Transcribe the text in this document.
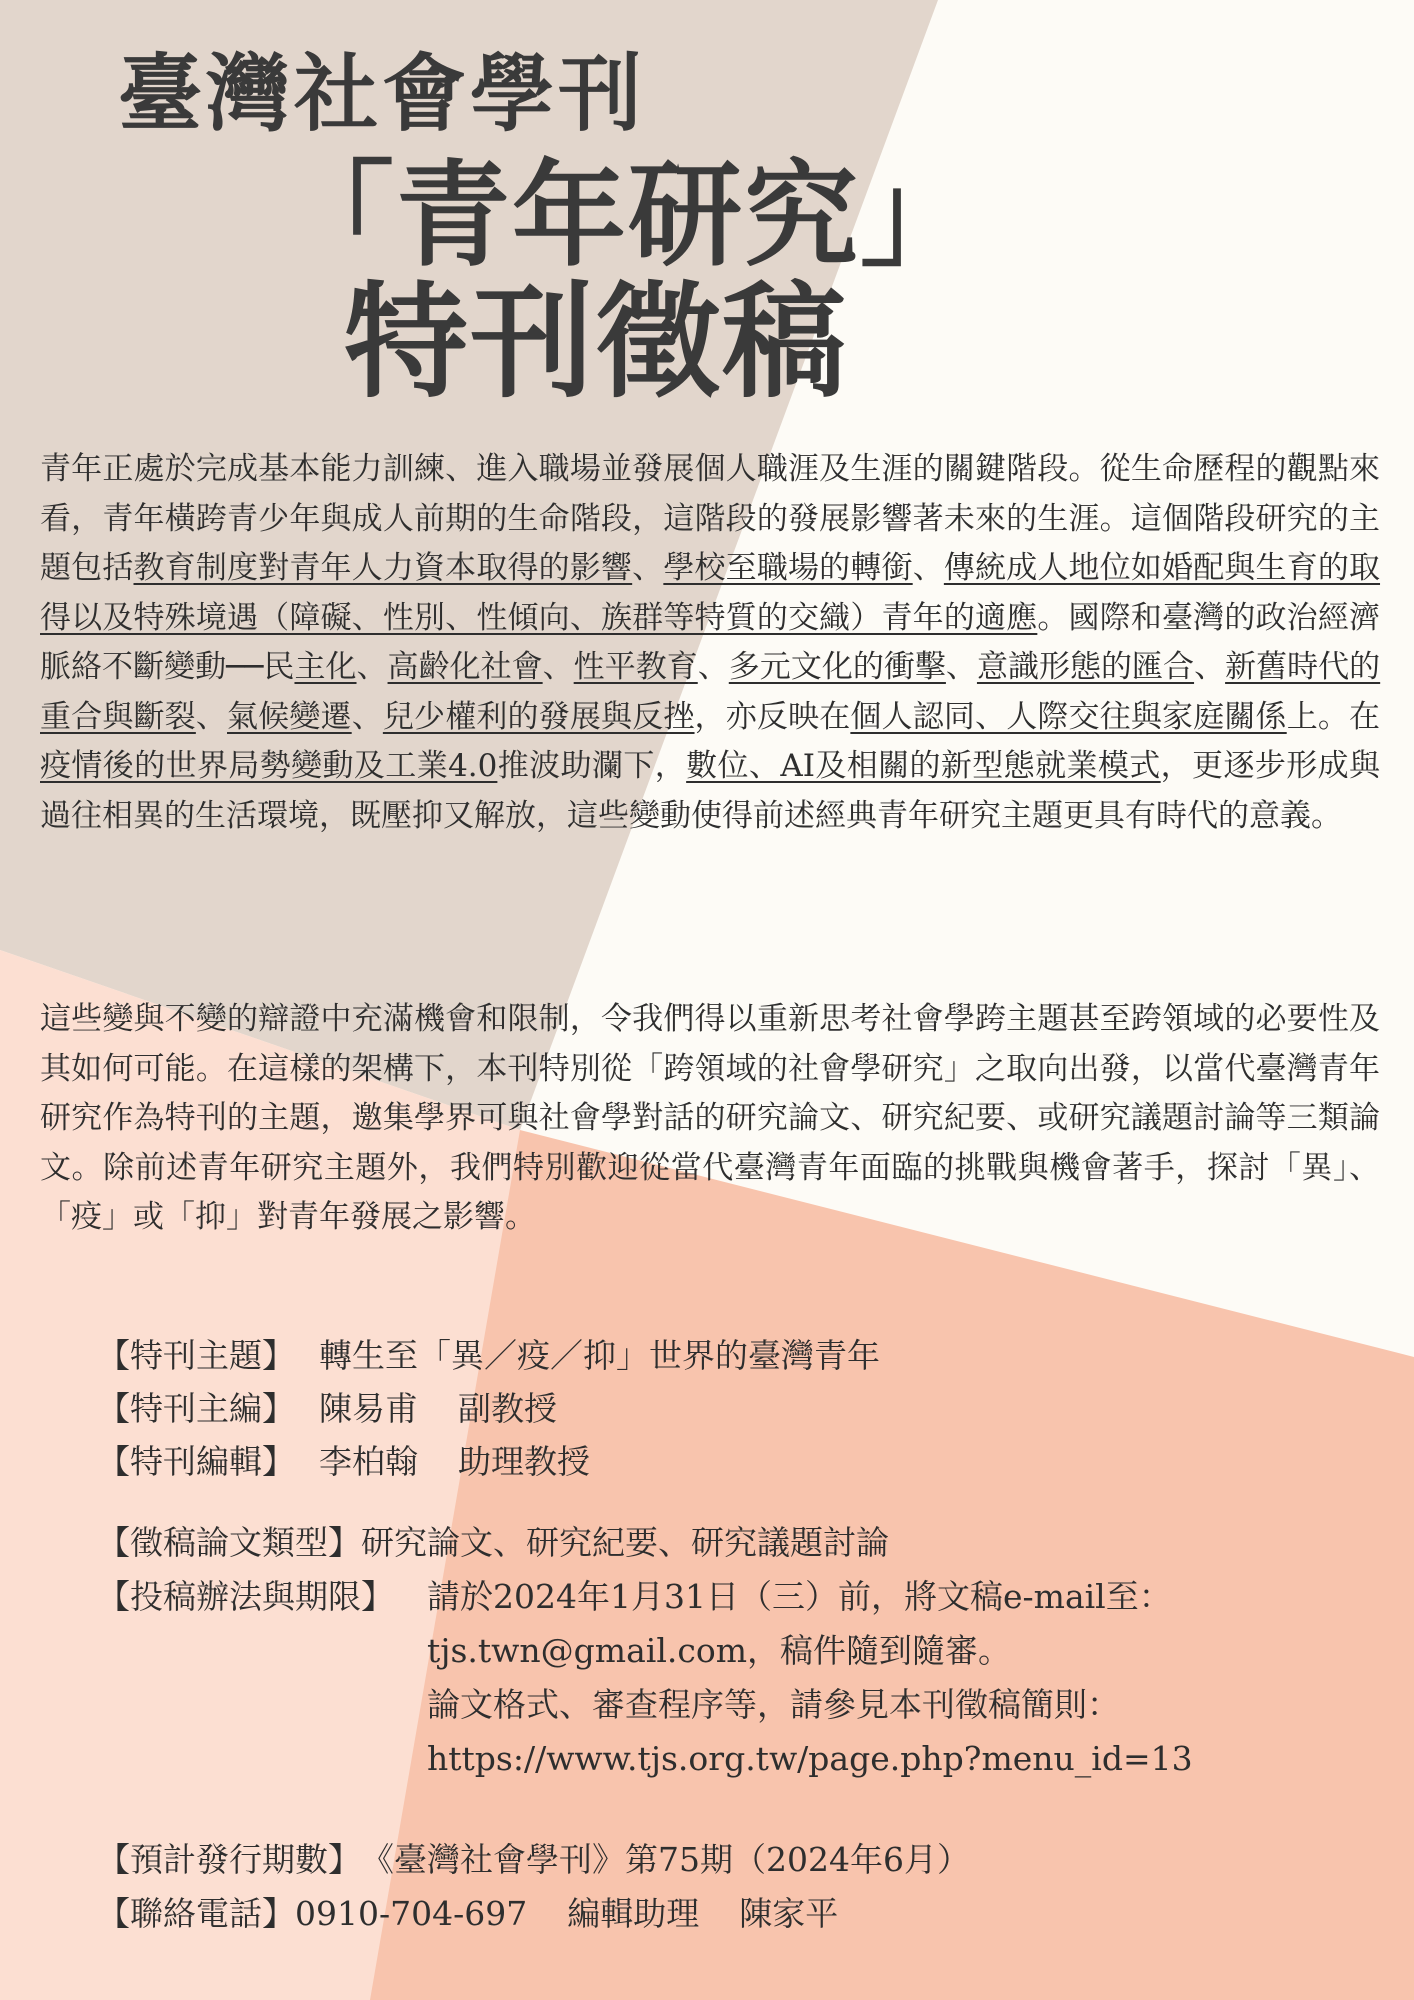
臺灣社會學刊
「青年研究」
特刊徵稿

青年正處於完成基本能力訓練、進入職場並發展個人職涯及生涯的關鍵階段。從生命歷程的觀點來看，青年橫跨青少年與成人前期的生命階段，這階段的發展影響著未來的生涯。這個階段研究的主題包括教育制度對青年人力資本取得的影響、學校至職場的轉銜、傳統成人地位如婚配與生育的取得以及特殊境遇（障礙、性別、性傾向、族群等特質的交織）青年的適應。國際和臺灣的政治經濟脈絡不斷變動──民主化、高齡化社會、性平教育、多元文化的衝擊、意識形態的匯合、新舊時代的重合與斷裂、氣候變遷、兒少權利的發展與反挫，亦反映在個人認同、人際交往與家庭關係上。在疫情後的世界局勢變動及工業4.0推波助瀾下，數位、AI及相關的新型態就業模式，更逐步形成與過往相異的生活環境，既壓抑又解放，這些變動使得前述經典青年研究主題更具有時代的意義。

這些變與不變的辯證中充滿機會和限制，令我們得以重新思考社會學跨主題甚至跨領域的必要性及其如何可能。在這樣的架構下，本刊特別從「跨領域的社會學研究」之取向出發，以當代臺灣青年研究作為特刊的主題，邀集學界可與社會學對話的研究論文、研究紀要、或研究議題討論等三類論文。除前述青年研究主題外，我們特別歡迎從當代臺灣青年面臨的挑戰與機會著手，探討「異」、「疫」或「抑」對青年發展之影響。

【特刊主題】 轉生至「異／疫／抑」世界的臺灣青年
【特刊主編】 陳易甫 副教授
【特刊編輯】 李柏翰 助理教授
【徵稿論文類型】研究論文、研究紀要、研究議題討論
【投稿辦法與期限】	請於2024年1月31日（三）前，將文稿e-mail至：
tjs.twn@gmail.com，稿件隨到隨審。
論文格式、審查程序等，請參見本刊徵稿簡則：
https://www.tjs.org.tw/page.php?menu_id=13
【預計發行期數】《臺灣社會學刊》第75期（2024年6月）
【聯絡電話】0910-704-697 編輯助理 陳家平
